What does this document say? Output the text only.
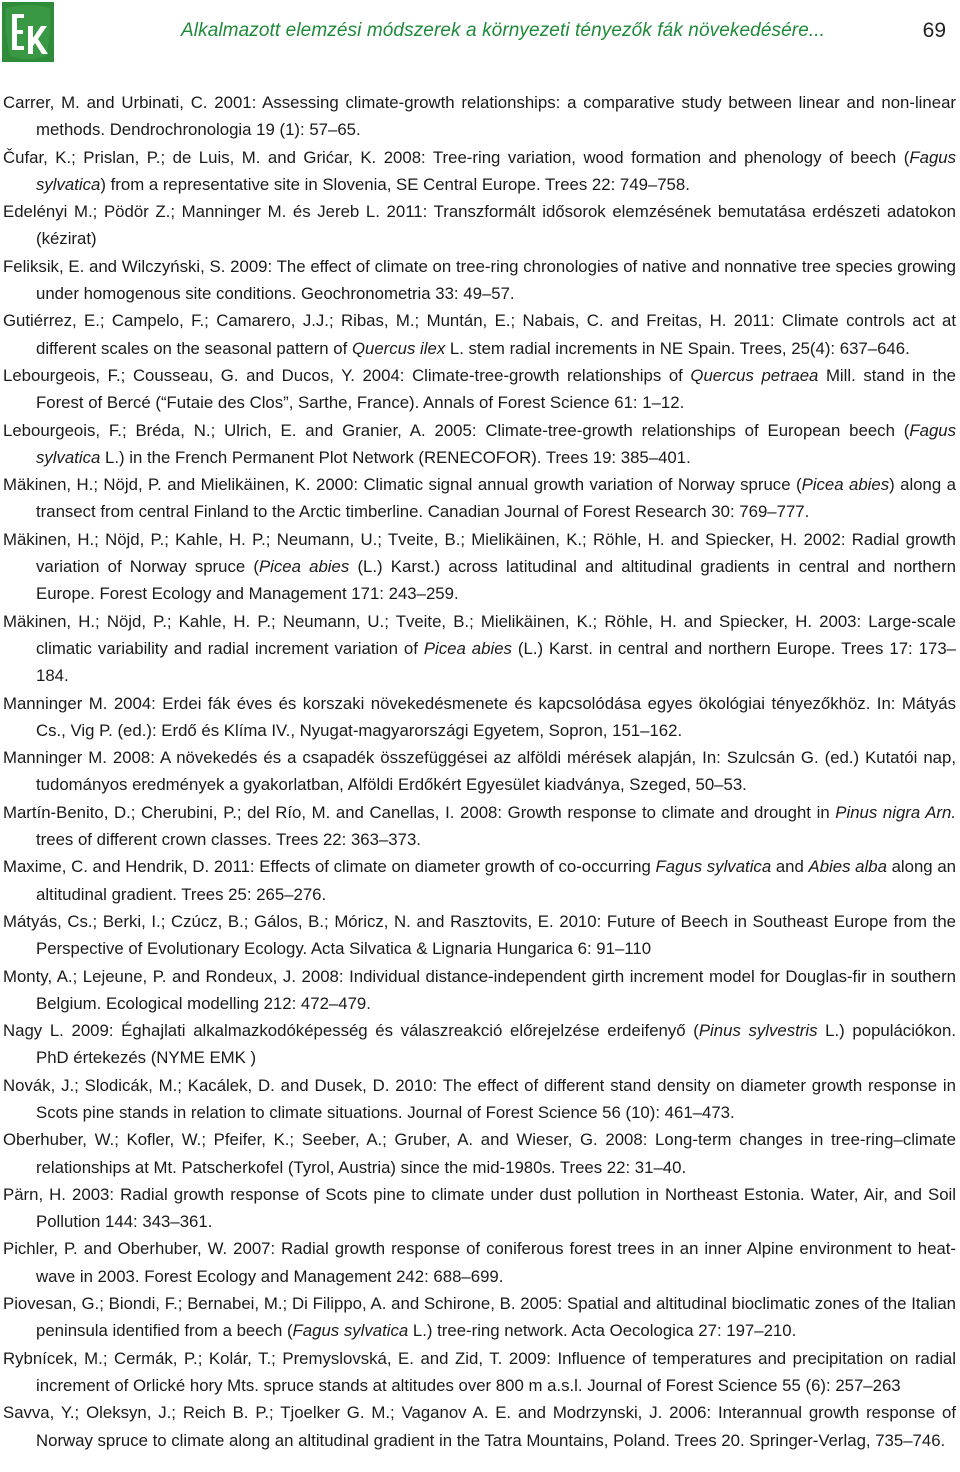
Alkalmazott elemzési módszerek a környezeti tényezők fák növekedésére...	69
Carrer, M. and Urbinati, C. 2001: Assessing climate-growth relationships: a comparative study between linear and non-linear methods. Dendrochronologia 19 (1): 57–65.
Čufar, K.; Prislan, P.; de Luis, M. and Grićar, K. 2008: Tree-ring variation, wood formation and phenology of beech (Fagus sylvatica) from a representative site in Slovenia, SE Central Europe. Trees 22: 749–758.
Edelényi M.; Pödör Z.; Manninger M. és Jereb L. 2011: Transzformált idősorok elemzésének bemutatása erdészeti adatokon (kézirat)
Feliksik, E. and Wilczyński, S. 2009: The effect of climate on tree-ring chronologies of native and nonnative tree species growing under homogenous site conditions. Geochronometria 33: 49–57.
Gutiérrez, E.; Campelo, F.; Camarero, J.J.; Ribas, M.; Muntán, E.; Nabais, C. and Freitas, H. 2011: Climate controls act at different scales on the seasonal pattern of Quercus ilex L. stem radial increments in NE Spain. Trees, 25(4): 637–646.
Lebourgeois, F.; Cousseau, G. and Ducos, Y. 2004: Climate-tree-growth relationships of Quercus petraea Mill. stand in the Forest of Bercé (“Futaie des Clos”, Sarthe, France). Annals of Forest Science 61: 1–12.
Lebourgeois, F.; Bréda, N.; Ulrich, E. and Granier, A. 2005: Climate-tree-growth relationships of European beech (Fagus sylvatica L.) in the French Permanent Plot Network (RENECOFOR). Trees 19: 385–401.
Mäkinen, H.; Nöjd, P. and Mielikäinen, K. 2000: Climatic signal annual growth variation of Norway spruce (Picea abies) along a transect from central Finland to the Arctic timberline. Canadian Journal of Forest Research 30: 769–777.
Mäkinen, H.; Nöjd, P.; Kahle, H. P.; Neumann, U.; Tveite, B.; Mielikäinen, K.; Röhle, H. and Spiecker, H. 2002: Radial growth variation of Norway spruce (Picea abies (L.) Karst.) across latitudinal and altitudinal gradients in central and northern Europe. Forest Ecology and Management 171: 243–259.
Mäkinen, H.; Nöjd, P.; Kahle, H. P.; Neumann, U.; Tveite, B.; Mielikäinen, K.; Röhle, H. and Spiecker, H. 2003: Large-scale climatic variability and radial increment variation of Picea abies (L.) Karst. in central and northern Europe. Trees 17: 173–184.
Manninger M. 2004: Erdei fák éves és korszaki növekedésmenete és kapcsolódása egyes ökológiai tényezőkhöz. In: Mátyás Cs., Vig P. (ed.): Erdő és Klíma IV., Nyugat-magyarországi Egyetem, Sopron, 151–162.
Manninger M. 2008: A növekedés és a csapadék összefüggései az alföldi mérések alapján, In: Szulcsán G. (ed.) Kutatói nap, tudományos eredmények a gyakorlatban, Alföldi Erdőkért Egyesület kiadványa, Szeged, 50–53.
Martín-Benito, D.; Cherubini, P.; del Río, M. and Canellas, I. 2008: Growth response to climate and drought in Pinus nigra Arn. trees of different crown classes. Trees 22: 363–373.
Maxime, C. and Hendrik, D. 2011: Effects of climate on diameter growth of co-occurring Fagus sylvatica and Abies alba along an altitudinal gradient. Trees 25: 265–276.
Mátyás, Cs.; Berki, I.; Czúcz, B.; Gálos, B.; Móricz, N. and Rasztovits, E. 2010: Future of Beech in Southeast Europe from the Perspective of Evolutionary Ecology. Acta Silvatica & Lignaria Hungarica 6: 91–110
Monty, A.; Lejeune, P. and Rondeux, J. 2008: Individual distance-independent girth increment model for Douglas-fir in southern Belgium. Ecological modelling 212: 472–479.
Nagy L. 2009: Éghajlati alkalmazkodóképesség és válaszreakció előrejelzése erdeifenyő (Pinus sylvestris L.) populációkon. PhD értekezés (NYME EMK )
Novák, J.; Slodicák, M.; Kacálek, D. and Dusek, D. 2010: The effect of different stand density on diameter growth response in Scots pine stands in relation to climate situations. Journal of Forest Science 56 (10): 461–473.
Oberhuber, W.; Kofler, W.; Pfeifer, K.; Seeber, A.; Gruber, A. and Wieser, G. 2008: Long-term changes in tree-ring–climate relationships at Mt. Patscherkofel (Tyrol, Austria) since the mid-1980s. Trees 22: 31–40.
Pärn, H. 2003: Radial growth response of Scots pine to climate under dust pollution in Northeast Estonia. Water, Air, and Soil Pollution 144: 343–361.
Pichler, P. and Oberhuber, W. 2007: Radial growth response of coniferous forest trees in an inner Alpine environment to heat-wave in 2003. Forest Ecology and Management 242: 688–699.
Piovesan, G.; Biondi, F.; Bernabei, M.; Di Filippo, A. and Schirone, B. 2005: Spatial and altitudinal bioclimatic zones of the Italian peninsula identified from a beech (Fagus sylvatica L.) tree-ring network. Acta Oecologica 27: 197–210.
Rybnícek, M.; Cermák, P.; Kolár, T.; Premyslovská, E. and Zid, T. 2009: Influence of temperatures and precipitation on radial increment of Orlické hory Mts. spruce stands at altitudes over 800 m a.s.l. Journal of Forest Science 55 (6): 257–263
Savva, Y.; Oleksyn, J.; Reich B. P.; Tjoelker G. M.; Vaganov A. E. and Modrzynski, J. 2006: Interannual growth response of Norway spruce to climate along an altitudinal gradient in the Tatra Mountains, Poland. Trees 20. Springer-Verlag, 735–746.
